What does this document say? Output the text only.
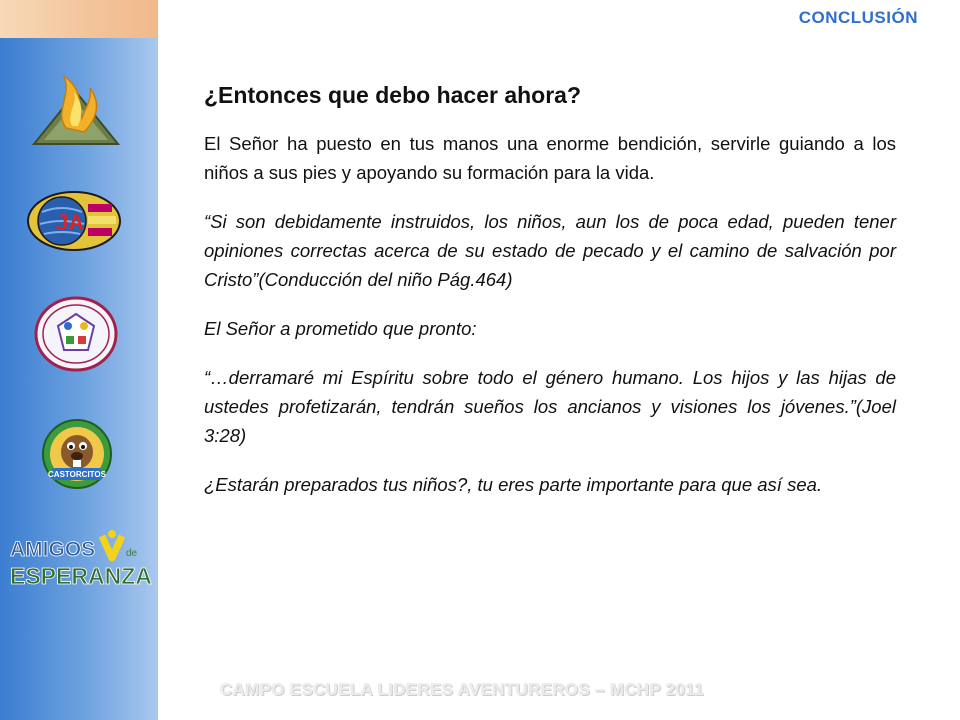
JA
CASTORCITOS
AMIGOS	de
ESPERANZA
CONCLUSIÓN
¿Entonces que debo hacer ahora?

El Señor ha puesto en tus manos una enorme bendición, servirle guiando a los niños a sus pies y apoyando su formación para la vida.

“Si son debidamente instruidos, los niños, aun los de poca edad, pueden tener opiniones correctas acerca de su estado de pecado y el camino de salvación por Cristo”(Conducción del niño Pág.464)

El Señor a prometido que pronto:

“…derramaré mi Espíritu sobre todo el género humano. Los hijos y las hijas de ustedes profetizarán, tendrán sueños los ancianos y visiones los jóvenes.”(Joel 3:28)

¿Estarán preparados tus niños?, tu eres parte importante para que así sea.

CAMPO ESCUELA LIDERES AVENTUREROS – MCHP 2011
